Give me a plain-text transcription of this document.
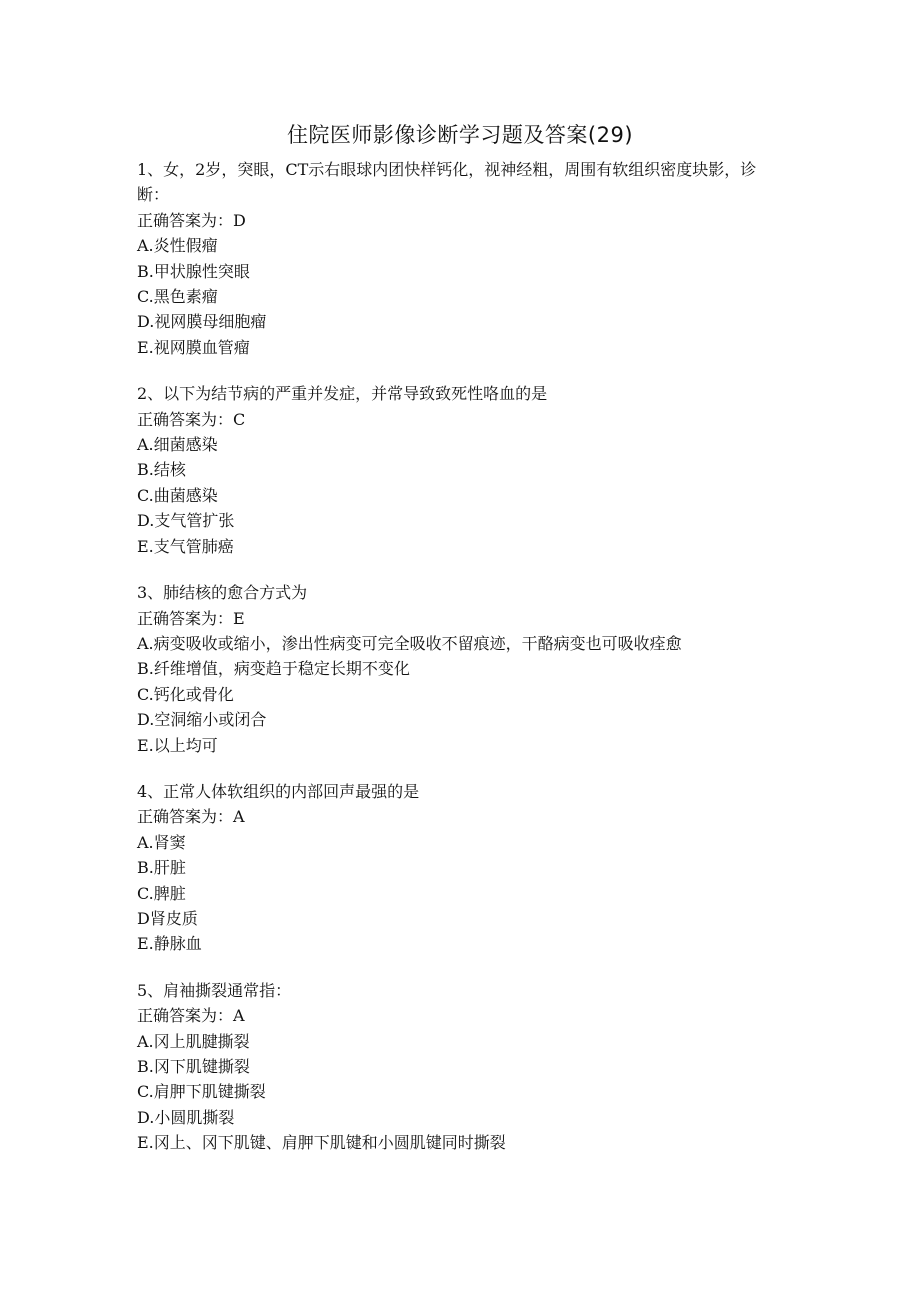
住院医师影像诊断学习题及答案(29)
1、女，2岁，突眼，CT示右眼球内团快样钙化，视神经粗，周围有软组织密度块影，诊断：
正确答案为：D
A.炎性假瘤
B.甲状腺性突眼
C.黑色素瘤
D.视网膜母细胞瘤
E.视网膜血管瘤
2、以下为结节病的严重并发症，并常导致致死性咯血的是
正确答案为：C
A.细菌感染
B.结核
C.曲菌感染
D.支气管扩张
E.支气管肺癌
3、肺结核的愈合方式为
正确答案为：E
A.病变吸收或缩小，渗出性病变可完全吸收不留痕迹，干酪病变也可吸收痊愈
B.纤维增值，病变趋于稳定长期不变化
C.钙化或骨化
D.空洞缩小或闭合
E.以上均可
4、正常人体软组织的内部回声最强的是
正确答案为：A
A.肾窦
B.肝脏
C.脾脏
D肾皮质
E.静脉血
5、肩袖撕裂通常指：
正确答案为：A
A.冈上肌腱撕裂
B.冈下肌键撕裂
C.肩胛下肌键撕裂
D.小圆肌撕裂
E.冈上、冈下肌键、肩胛下肌键和小圆肌键同时撕裂
